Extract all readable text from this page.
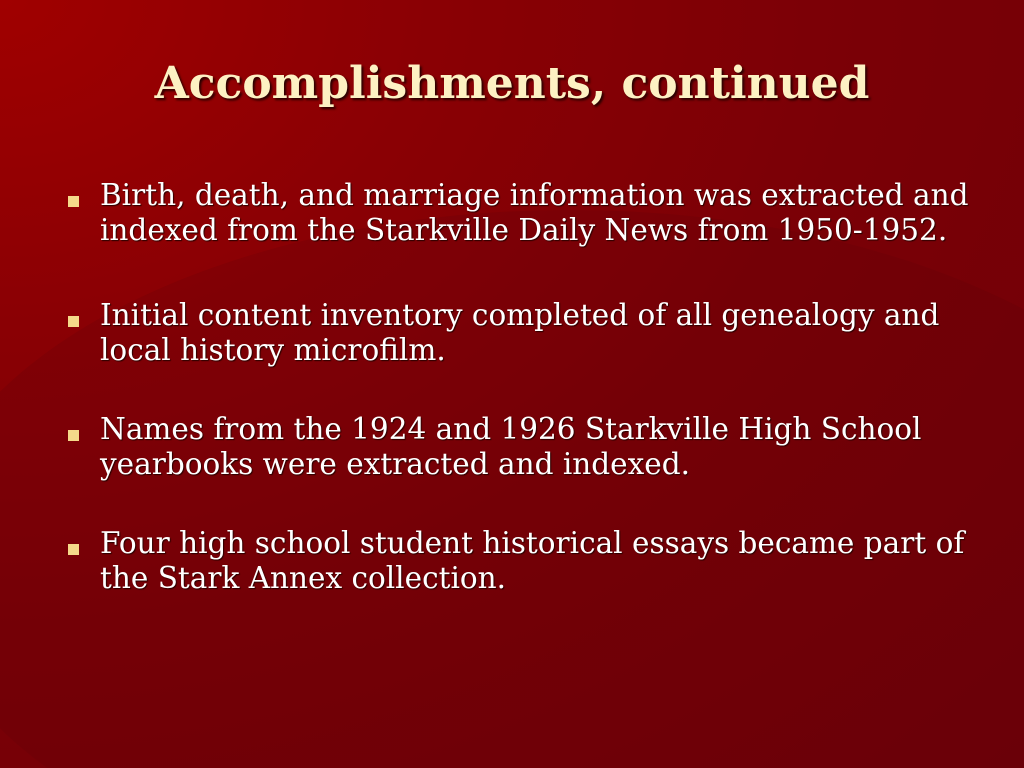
Accomplishments, continued
Birth, death, and marriage information was extracted and indexed from the Starkville Daily News from 1950-1952.
Initial content inventory completed of all genealogy and local history microfilm.
Names from the 1924 and 1926 Starkville High School yearbooks were extracted and indexed.
Four high school student historical essays became part of the Stark Annex collection.
